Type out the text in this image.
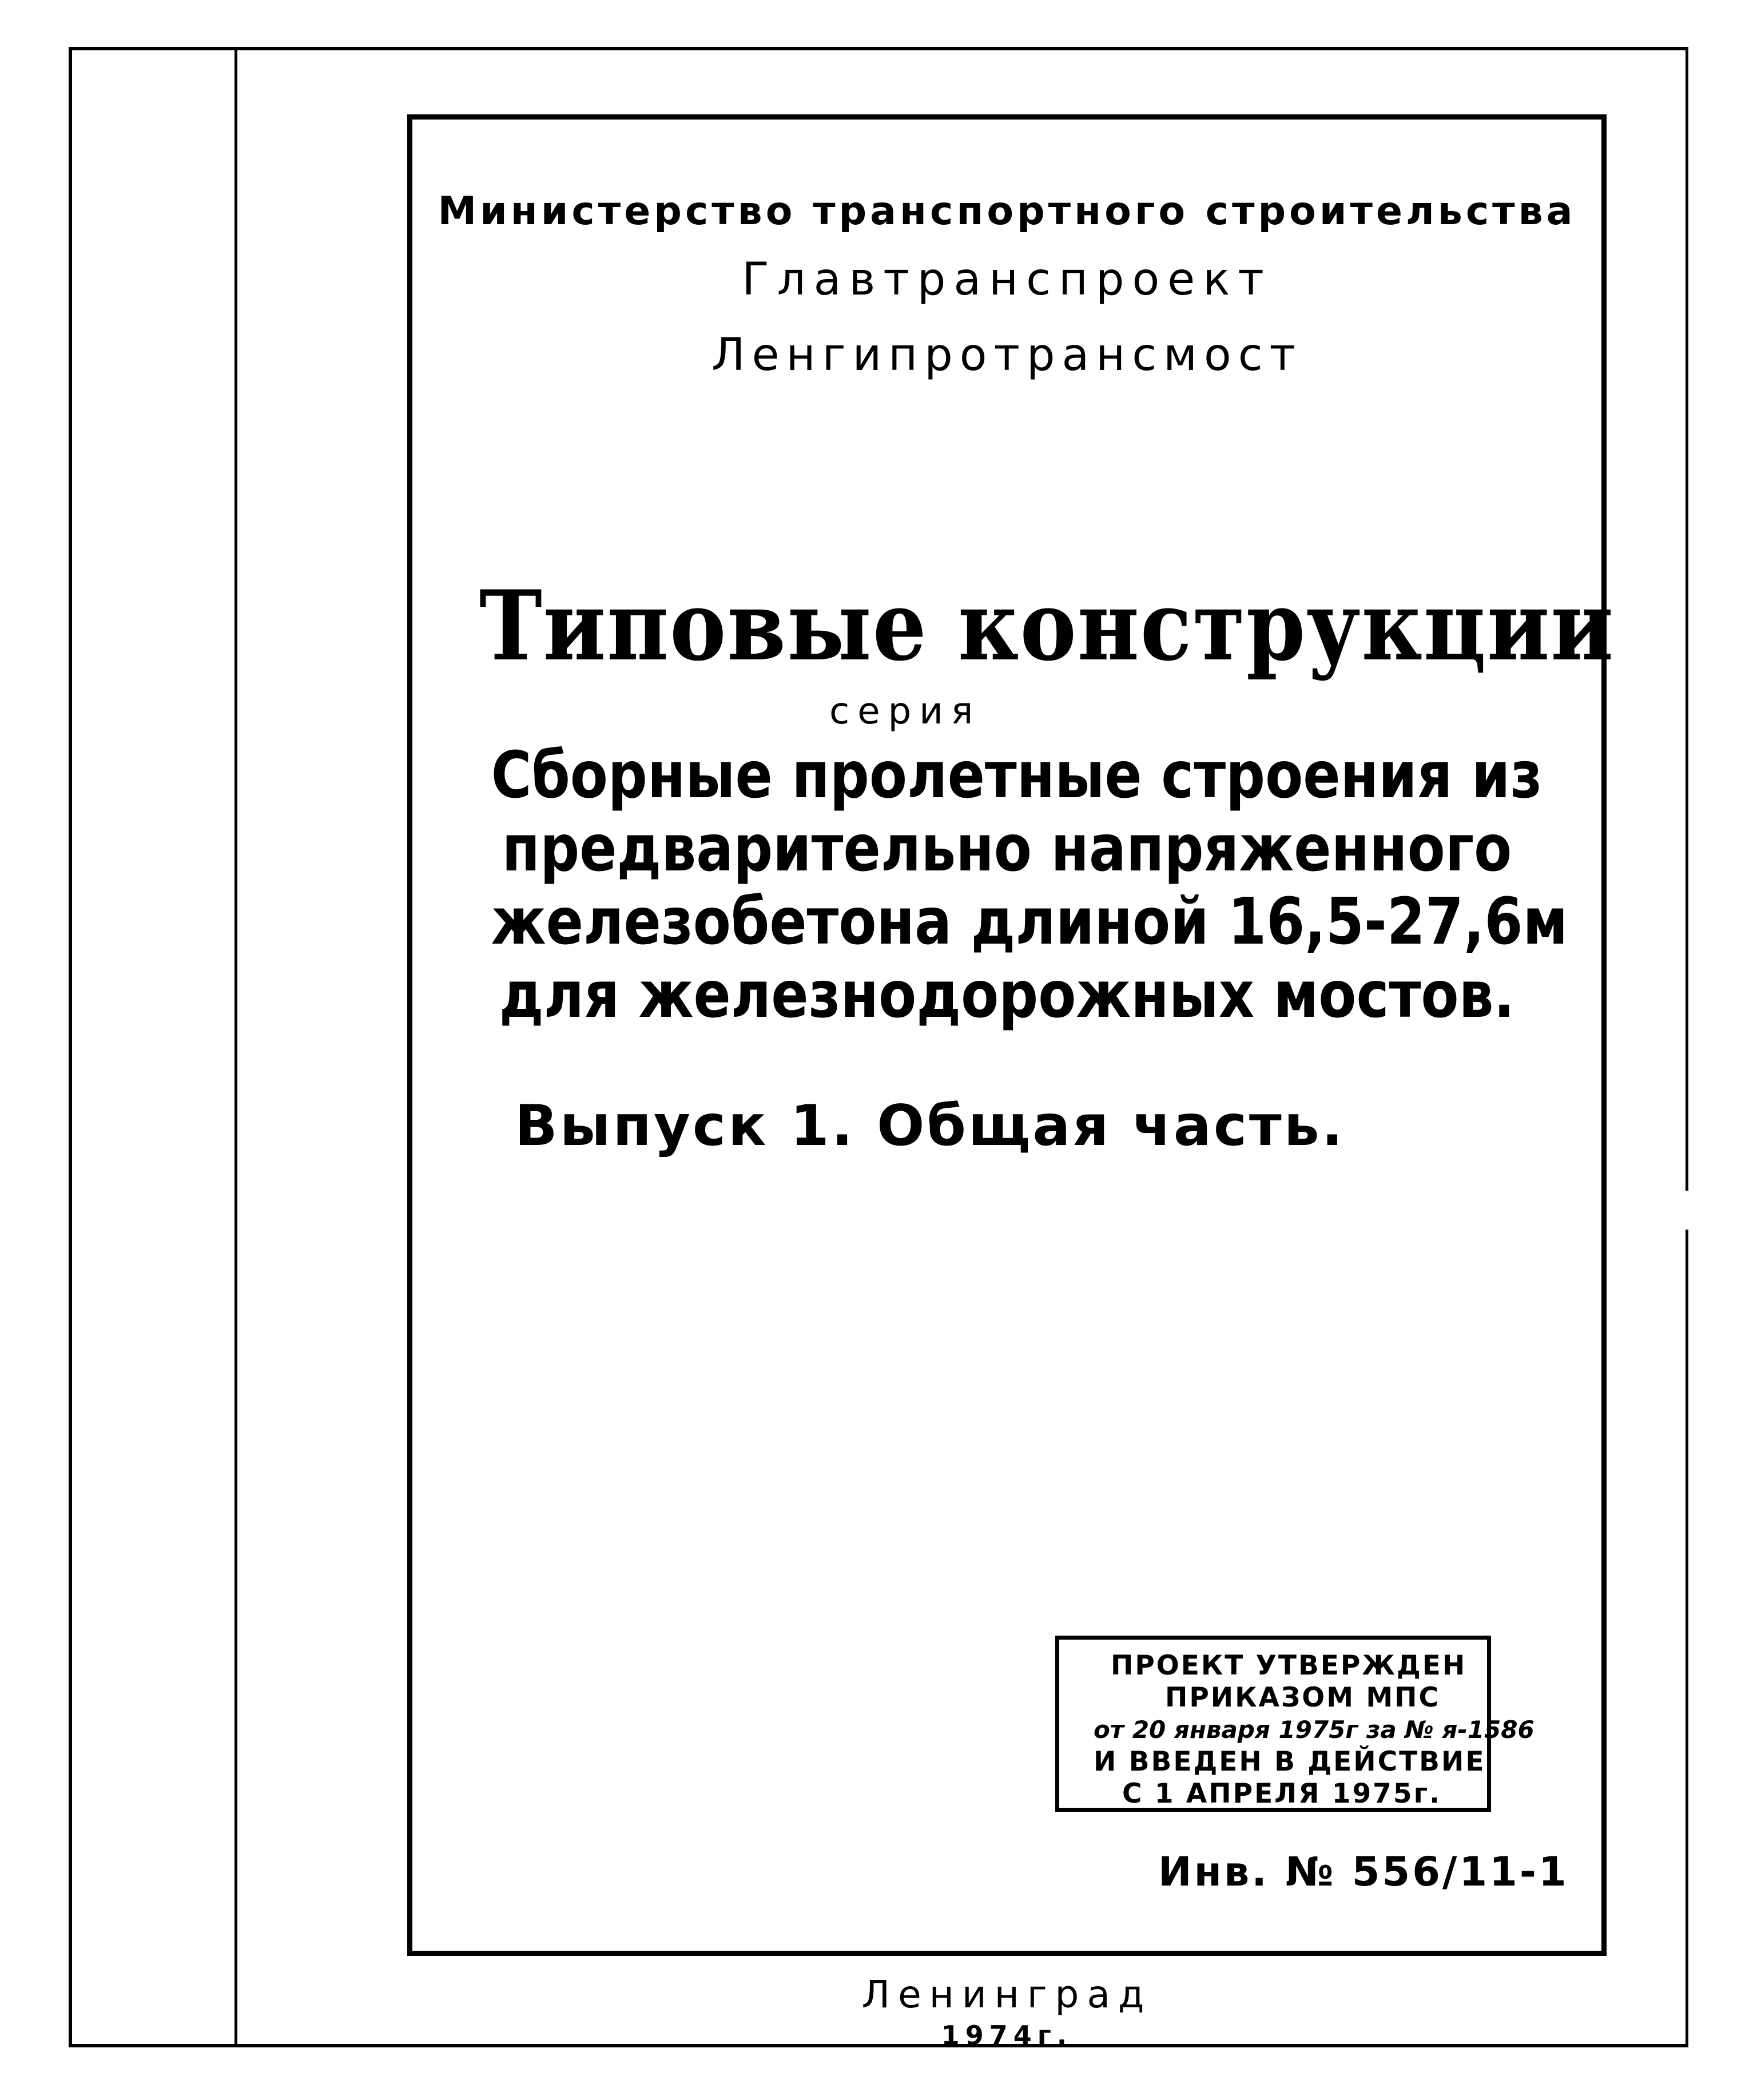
Министерство транспортного строительства
Главтранспроект
Ленгипротрансмост
Типовые конструкции
серия
Сборные пролетные строения из
предварительно напряженного
железобетона длиной 16,5-27,6м
для железнодорожных мостов.
Выпуск 1. Общая часть.
ПРОЕКТ УТВЕРЖДЕН
ПРИКАЗОМ МПС
от 20 января 1975г за № я-1586
И ВВЕДЕН В ДЕЙСТВИЕ
С 1 АПРЕЛЯ 1975г.
Инв. № 556/11-1
Ленинград
1974г.
